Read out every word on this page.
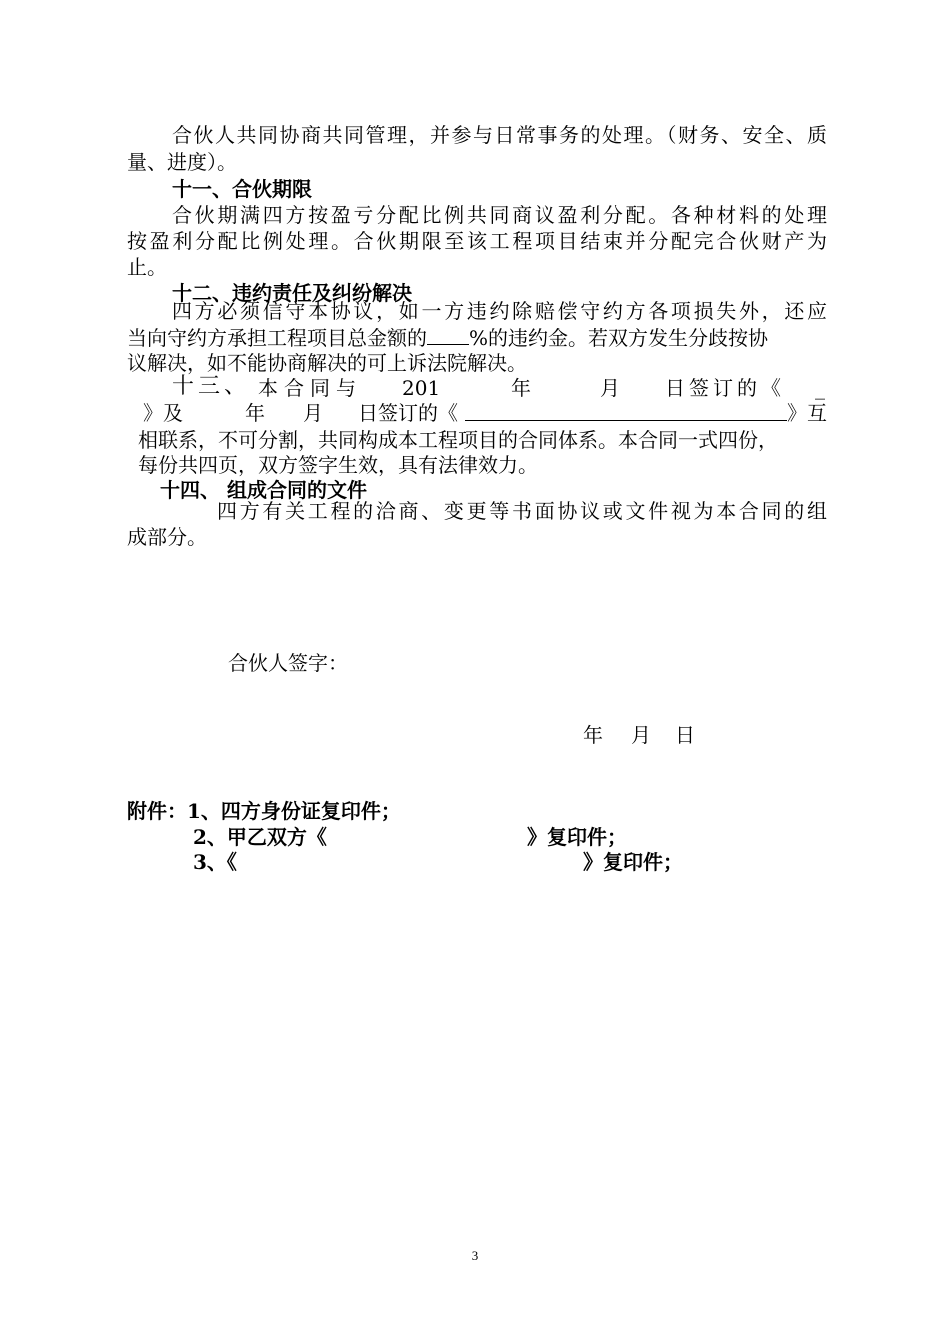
合伙人共同协商共同管理，并参与日常事务的处理。（财务、安全、质
量、进度）。
十一、合伙期限
合伙期满四方按盈亏分配比例共同商议盈利分配。各种材料的处理
按盈利分配比例处理。合伙期限至该工程项目结束并分配完合伙财产为
止。
十二、违约责任及纠纷解决
四方必须信守本协议，如一方违约除赔偿守约方各项损失外，还应
当向守约方承担工程项目总金额的 %的违约金。若双方发生分歧按协
议解决，如不能协商解决的可上诉法院解决。
十三、 本合同与 201	年	月 日签订的《 _
》及	年 月 日签订的《	》互
相联系，不可分割，共同构成本工程项目的合同体系。本合同一式四份，
每份共四页，双方签字生效，具有法律效力。
十四、 组成合同的文件
四方有关工程的洽商、变更等书面协议或文件视为本合同的组
成部分。
合伙人签字：
年 月 日
附件：1、四方身份证复印件；
2、甲乙双方《	》复印件；
3、《	》复印件；
3
